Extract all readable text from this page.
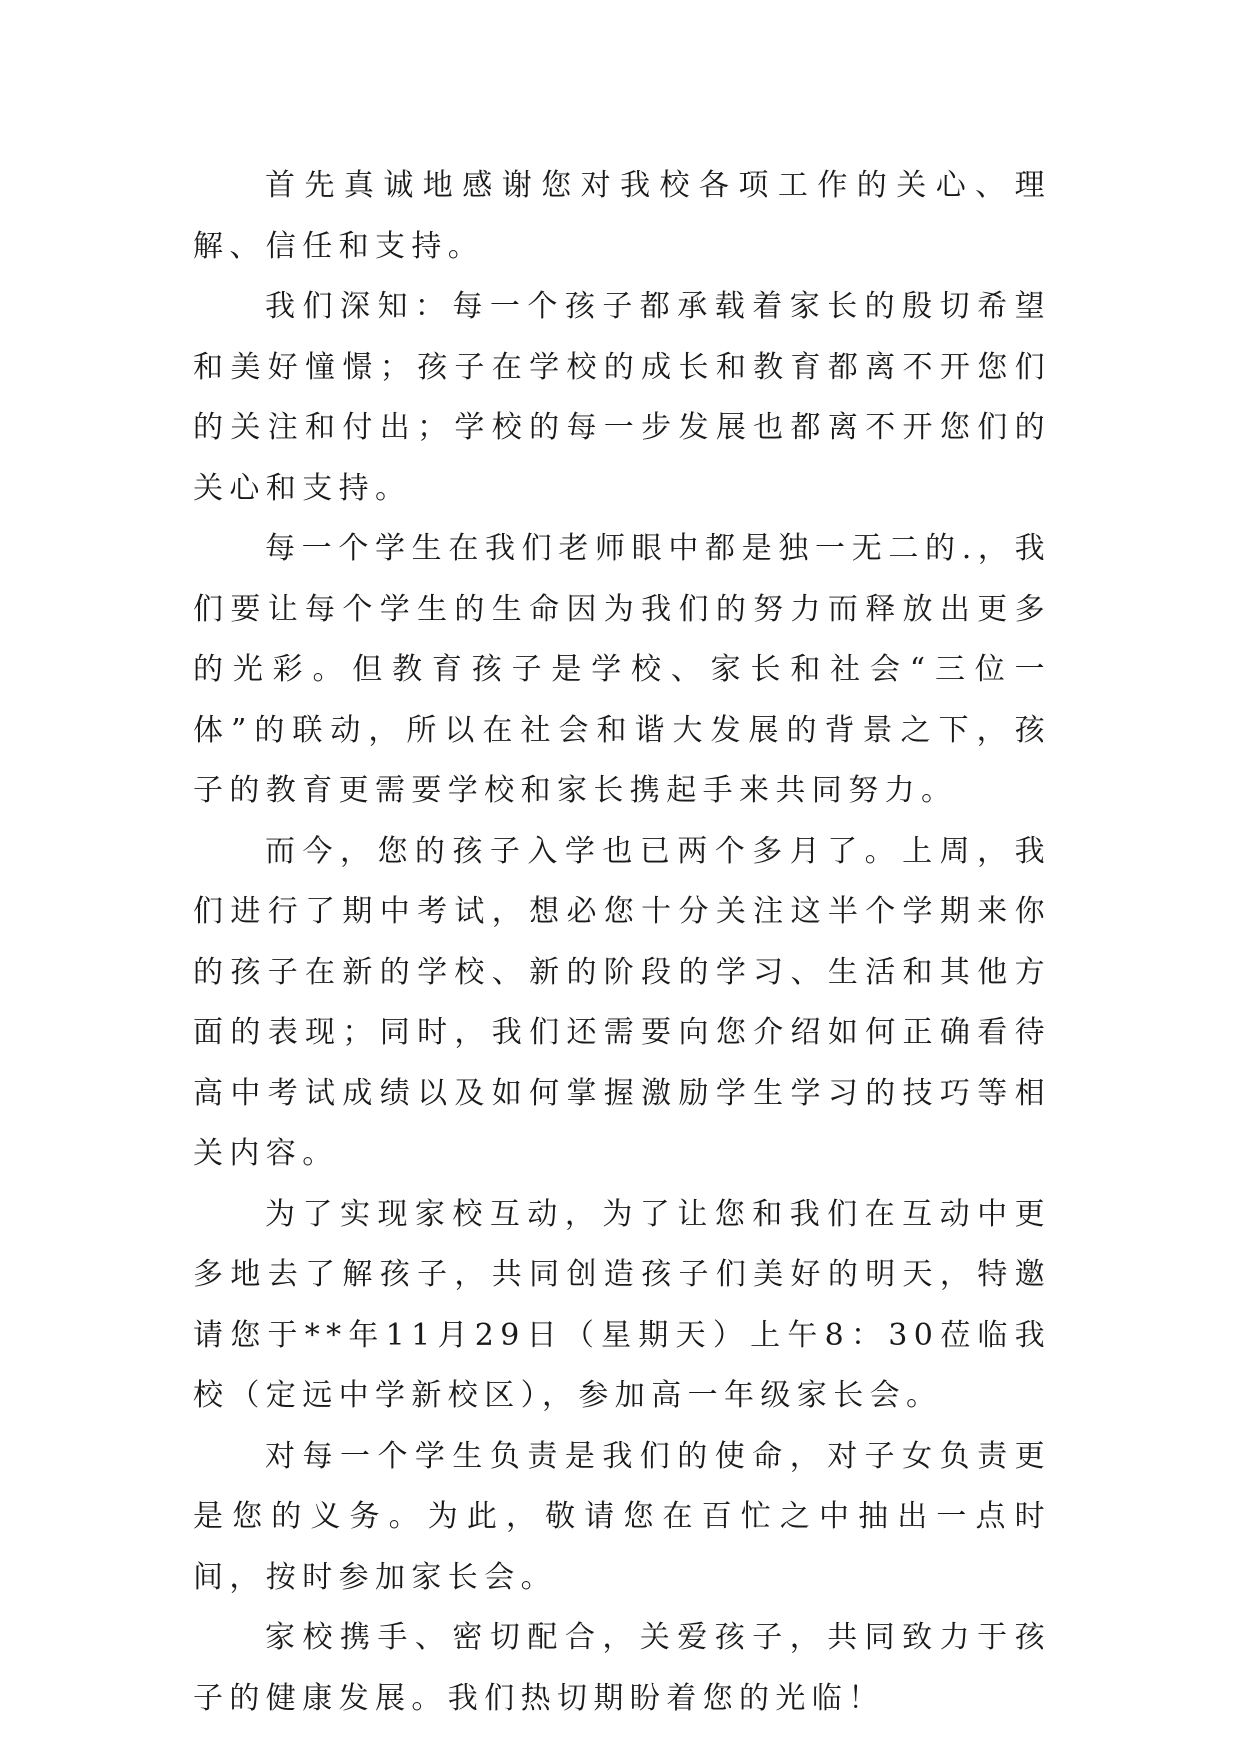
首先真诚地感谢您对我校各项工作的关心、理解、信任和支持。

我们深知：每一个孩子都承载着家长的殷切希望和美好憧憬；孩子在学校的成长和教育都离不开您们的关注和付出；学校的每一步发展也都离不开您们的关心和支持。

每一个学生在我们老师眼中都是独一无二的.，我们要让每个学生的生命因为我们的努力而释放出更多的光彩。但教育孩子是学校、家长和社会“三位一体”的联动，所以在社会和谐大发展的背景之下，孩子的教育更需要学校和家长携起手来共同努力。

而今，您的孩子入学也已两个多月了。上周，我们进行了期中考试，想必您十分关注这半个学期来你的孩子在新的学校、新的阶段的学习、生活和其他方面的表现；同时，我们还需要向您介绍如何正确看待高中考试成绩以及如何掌握激励学生学习的技巧等相关内容。

为了实现家校互动，为了让您和我们在互动中更多地去了解孩子，共同创造孩子们美好的明天，特邀请您于**年11月29日（星期天）上午8：30莅临我校（定远中学新校区），参加高一年级家长会。

对每一个学生负责是我们的使命，对子女负责更是您的义务。为此，敬请您在百忙之中抽出一点时间，按时参加家长会。

家校携手、密切配合，关爱孩子，共同致力于孩子的健康发展。我们热切期盼着您的光临！
